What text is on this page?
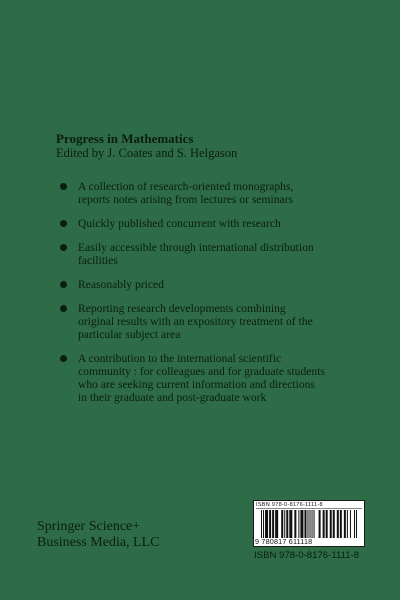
Progress in Mathematics

Edited by J. Coates and S. Helgason

A collection of research-oriented monographs,
reports notes arising from lectures or seminars
Quickly published concurrent with research
Easily accessible through international distribution
facilities
Reasonably priced
Reporting research developments combining
original results with an expository treatment of the
particular subject area
A contribution to the international scientific
community : for colleagues and for graduate students
who are seeking current information and directions
in their graduate and post-graduate work
Springer Science+
Business Media, LLC
ISBN 978-0-8176-1111-8
9 780817 611118
ISBN 978-0-8176-1111-8
